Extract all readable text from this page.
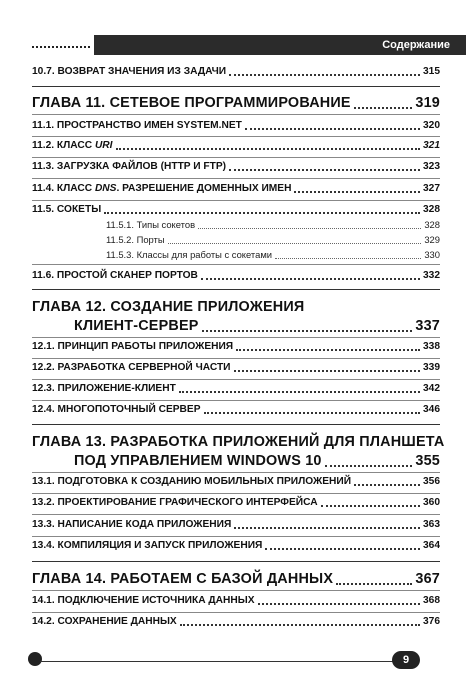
Содержание
10.7. ВОЗВРАТ ЗНАЧЕНИЯ ИЗ ЗАДАЧИ	315
ГЛАВА 11. СЕТЕВОЕ ПРОГРАММИРОВАНИЕ	319
11.1. ПРОСТРАНСТВО ИМЕН SYSTEM.NET	320
11.2. КЛАСС URI	321
11.3. ЗАГРУЗКА ФАЙЛОВ (HTTP И FTP)	323
11.4. КЛАСС DNS. РАЗРЕШЕНИЕ ДОМЕННЫХ ИМЕН	327
11.5. СОКЕТЫ	328
11.5.1. Типы сокетов	328
11.5.2. Порты	329
11.5.3. Классы для работы с сокетами	330
11.6. ПРОСТОЙ СКАНЕР ПОРТОВ	332
ГЛАВА 12. СОЗДАНИЕ ПРИЛОЖЕНИЯ
КЛИЕНТ-СЕРВЕР	337
12.1. ПРИНЦИП РАБОТЫ ПРИЛОЖЕНИЯ	338
12.2. РАЗРАБОТКА СЕРВЕРНОЙ ЧАСТИ	339
12.3. ПРИЛОЖЕНИЕ-КЛИЕНТ	342
12.4. МНОГОПОТОЧНЫЙ СЕРВЕР	346
ГЛАВА 13. РАЗРАБОТКА ПРИЛОЖЕНИЙ ДЛЯ ПЛАНШЕТА
ПОД УПРАВЛЕНИЕМ WINDOWS 10	355
13.1. ПОДГОТОВКА К СОЗДАНИЮ МОБИЛЬНЫХ ПРИЛОЖЕНИЙ	356
13.2. ПРОЕКТИРОВАНИЕ ГРАФИЧЕСКОГО ИНТЕРФЕЙСА	360
13.3. НАПИСАНИЕ КОДА ПРИЛОЖЕНИЯ	363
13.4. КОМПИЛЯЦИЯ И ЗАПУСК ПРИЛОЖЕНИЯ	364
ГЛАВА 14. РАБОТАЕМ С БАЗОЙ ДАННЫХ	367
14.1. ПОДКЛЮЧЕНИЕ ИСТОЧНИКА ДАННЫХ	368
14.2. СОХРАНЕНИЕ ДАННЫХ	376
9
